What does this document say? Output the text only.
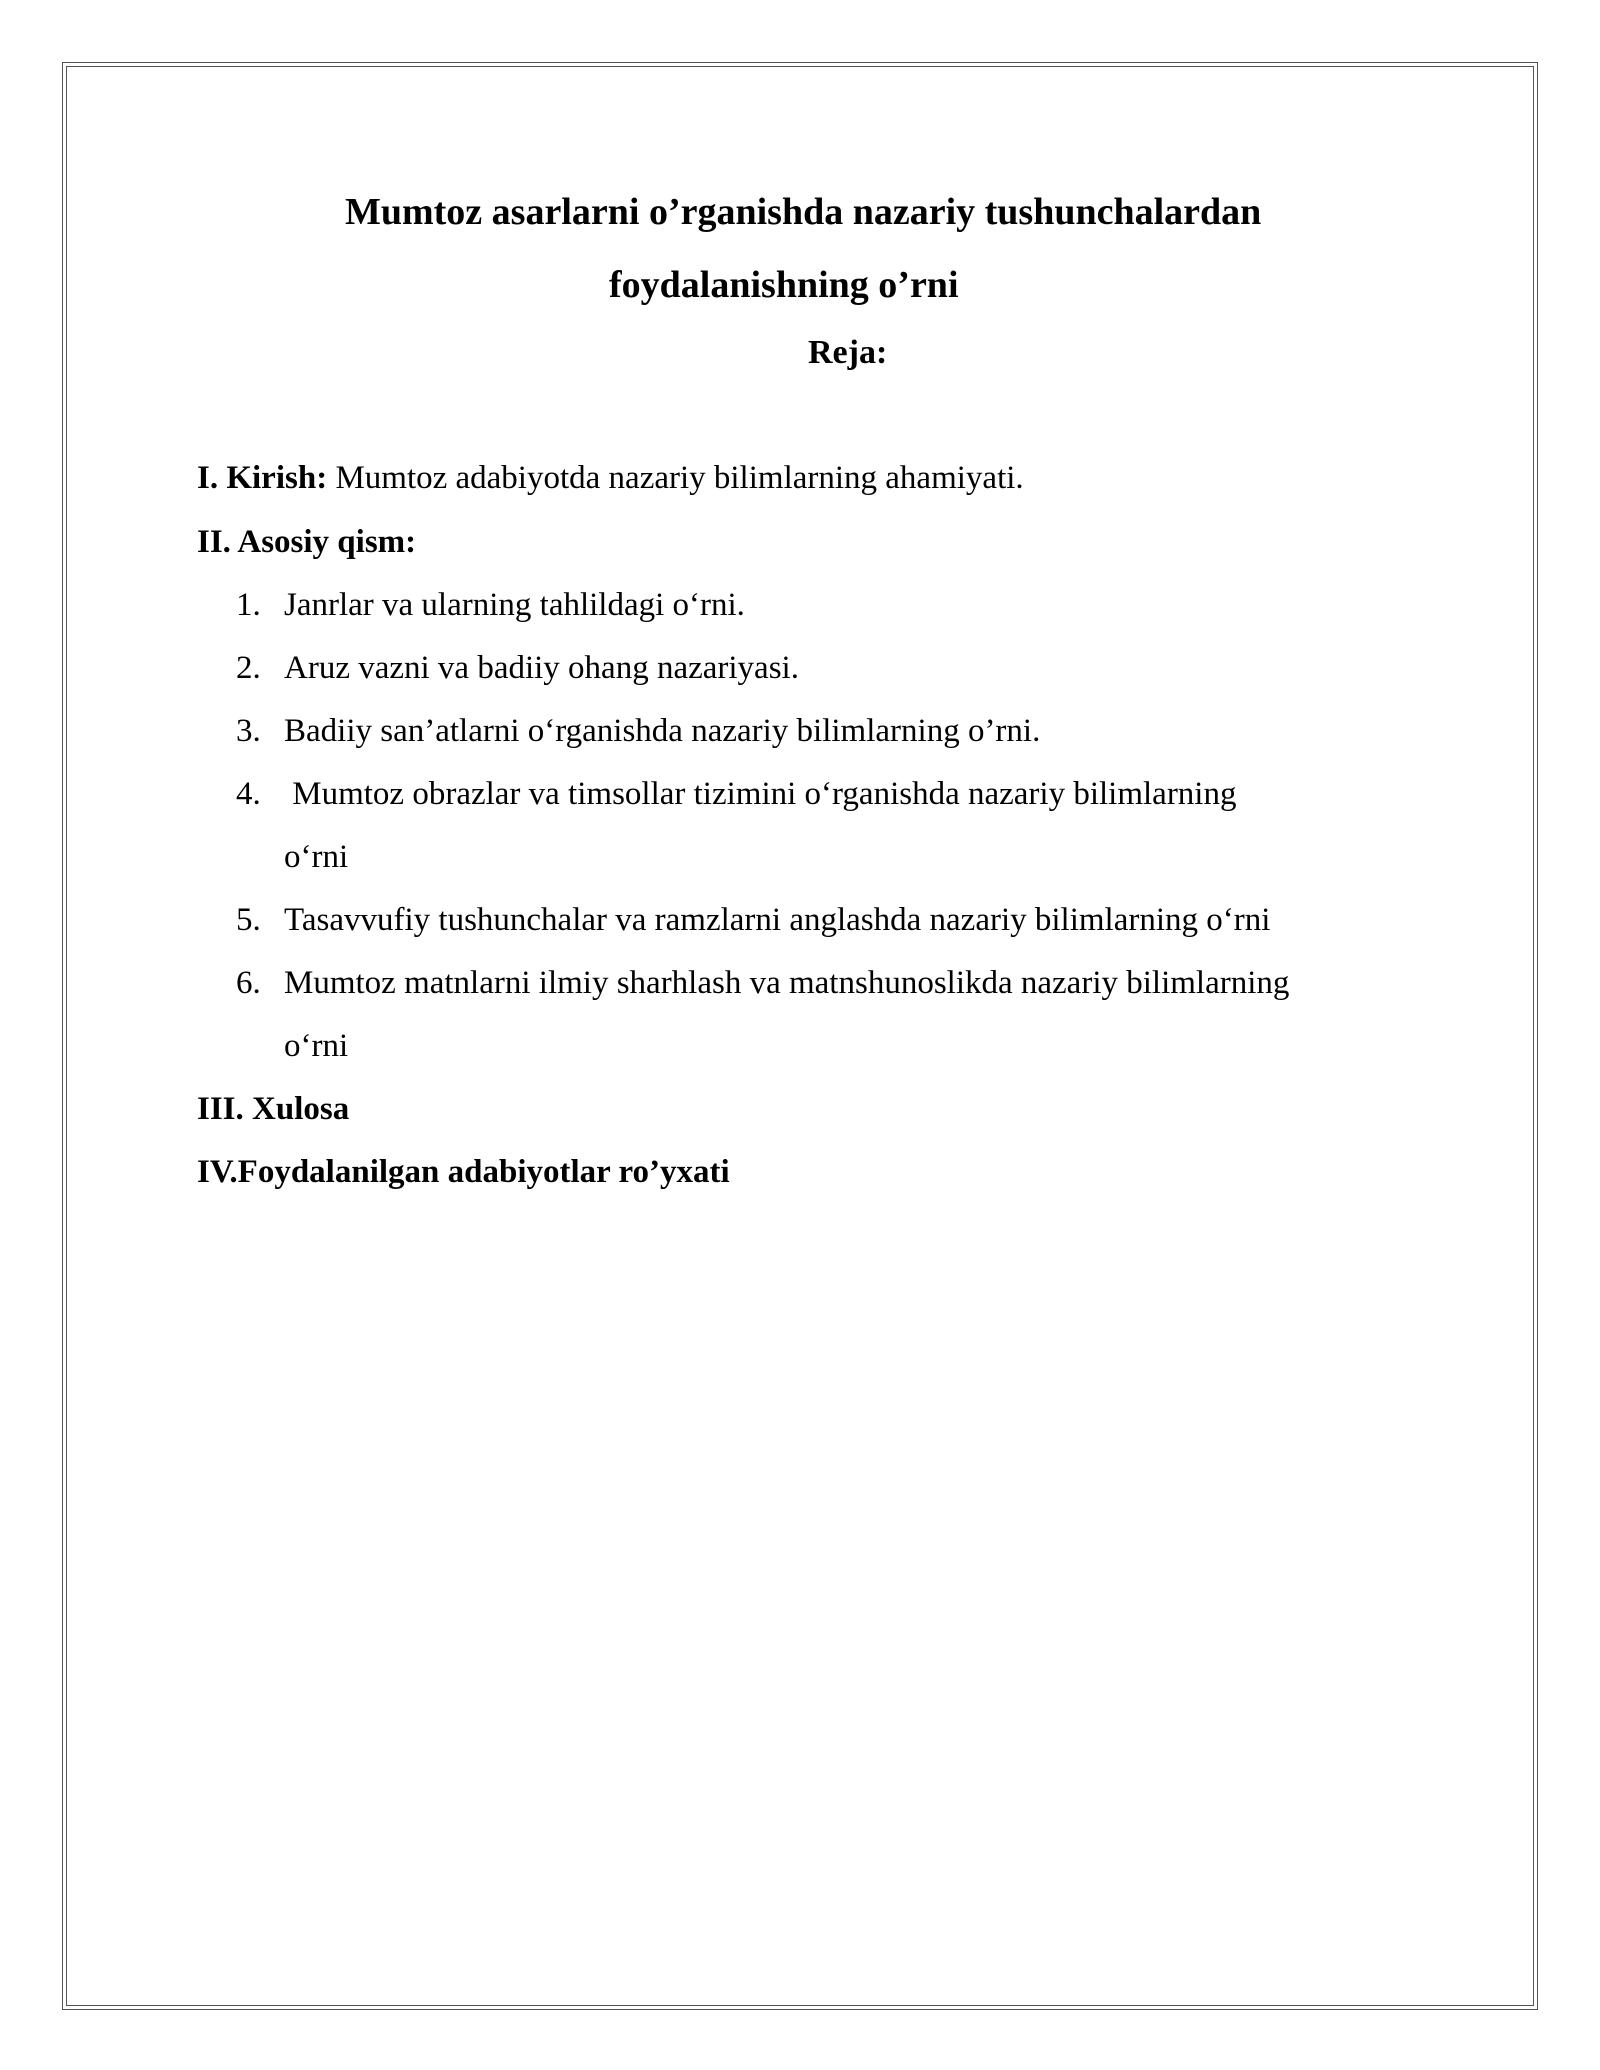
Mumtoz asarlarni o’rganishda nazariy tushunchalardan
foydalanishning o’rni
Reja:
I. Kirish: Mumtoz adabiyotda nazariy bilimlarning ahamiyati.
II. Asosiy qism:
1. Janrlar va ularning tahlildagi o‘rni.
2. Aruz vazni va badiiy ohang nazariyasi.
3. Badiiy san’atlarni o‘rganishda nazariy bilimlarning o’rni.
4. Mumtoz obrazlar va timsollar tizimini o‘rganishda nazariy bilimlarning
o‘rni
5. Tasavvufiy tushunchalar va ramzlarni anglashda nazariy bilimlarning o‘rni
6. Mumtoz matnlarni ilmiy sharhlash va matnshunoslikda nazariy bilimlarning
o‘rni
III. Xulosa
IV.Foydalanilgan adabiyotlar ro’yxati
